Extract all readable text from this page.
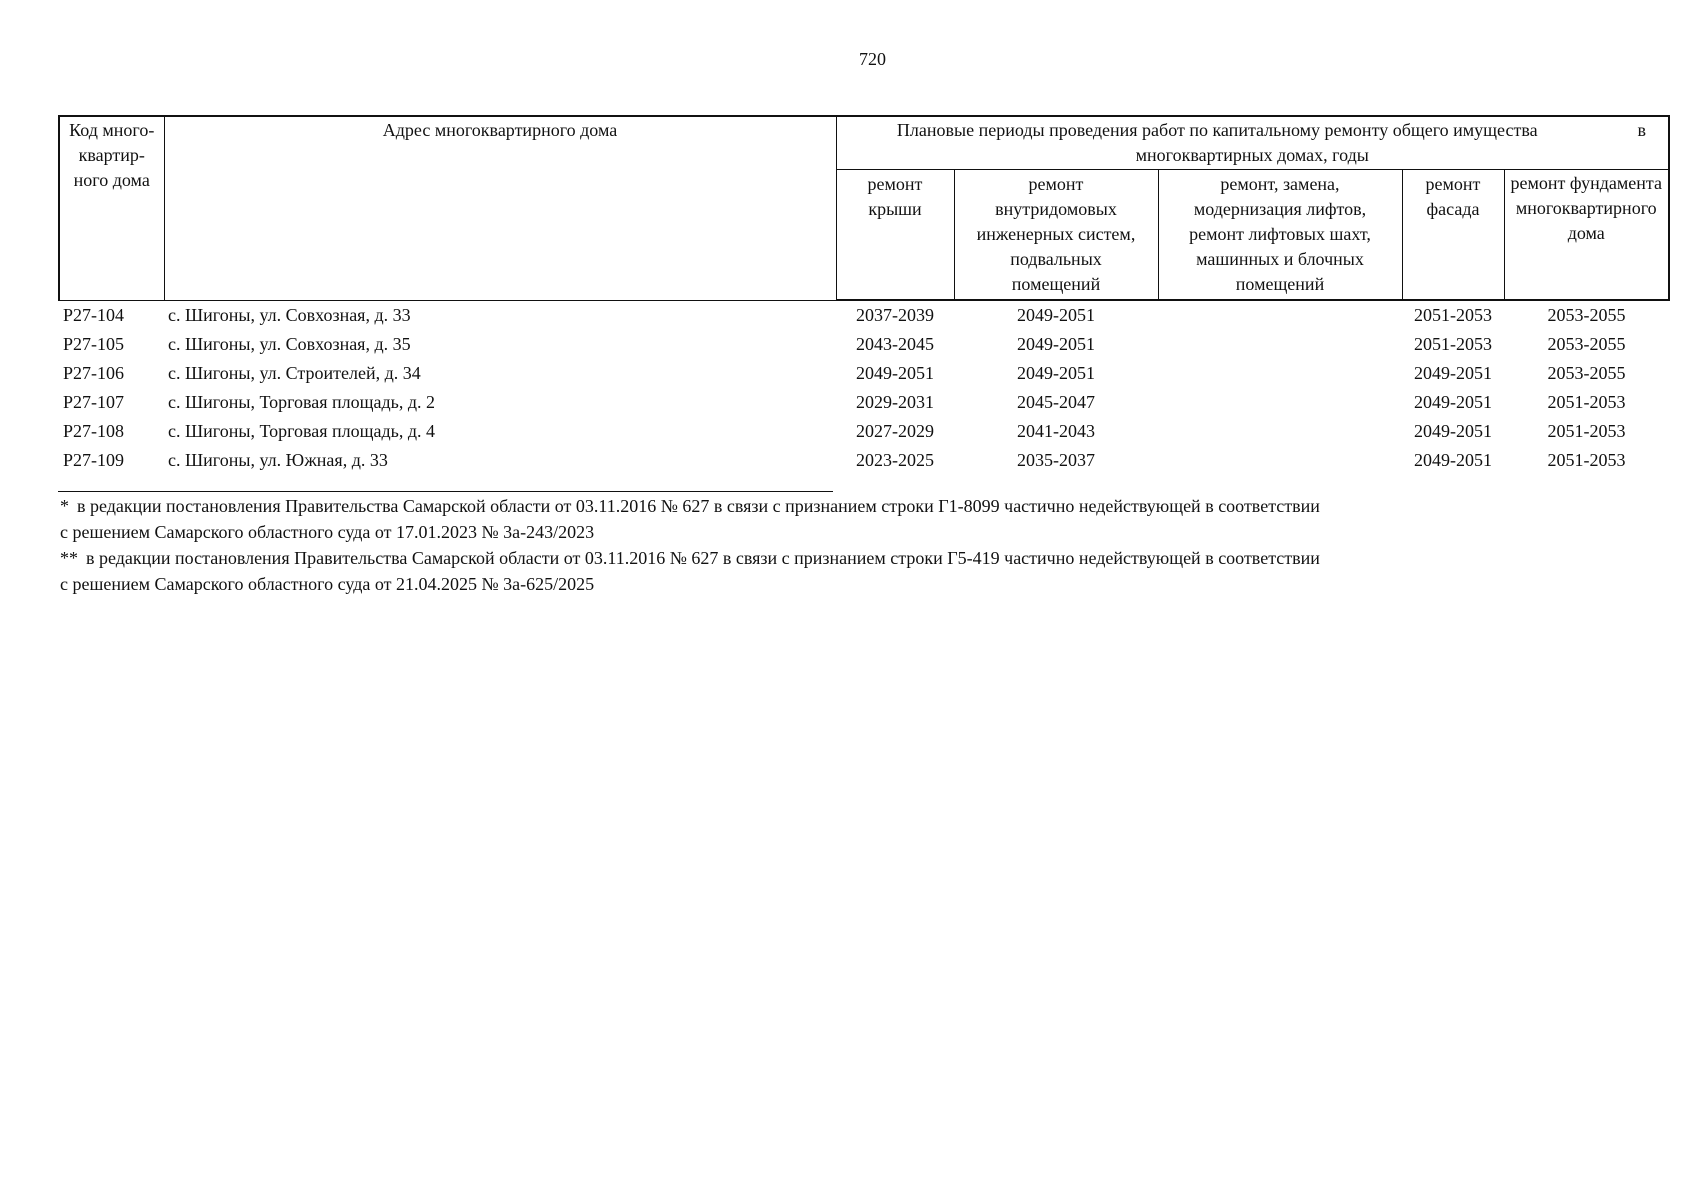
720
Код много-квартир-ного дома	Адрес многоквартирного дома	Плановые периоды проведения работ по капитальному ремонту общего имущества в
многоквартирных домах, годы				

		ремонт крыши	ремонт внутридомовых инженерных систем, подвальных помещений	ремонт, замена, модернизация лифтов, ремонт лифтовых шахт, машинных и блочных помещений	ремонт фасада	ремонт фундамента многоквартирного дома
Р27-104	с. Шигоны, ул. Совхозная, д. 33	2037-2039	2049-2051		2051-2053	2053-2055
Р27-105	с. Шигоны, ул. Совхозная, д. 35	2043-2045	2049-2051		2051-2053	2053-2055
Р27-106	с. Шигоны, ул. Строителей, д. 34	2049-2051	2049-2051		2049-2051	2053-2055
Р27-107	с. Шигоны, Торговая площадь, д. 2	2029-2031	2045-2047		2049-2051	2051-2053
Р27-108	с. Шигоны, Торговая площадь, д. 4	2027-2029	2041-2043		2049-2051	2051-2053
Р27-109	с. Шигоны, ул. Южная, д. 33	2023-2025	2035-2037		2049-2051	2051-2053

* в редакции постановления Правительства Самарской области от 03.11.2016 № 627 в связи с признанием строки Г1-8099 частично недействующей в соответствии

с решением Самарского областного суда от 17.01.2023 № 3а-243/2023

** в редакции постановления Правительства Самарской области от 03.11.2016 № 627 в связи с признанием строки Г5-419 частично недействующей в соответствии

с решением Самарского областного суда от 21.04.2025 № 3а-625/2025
